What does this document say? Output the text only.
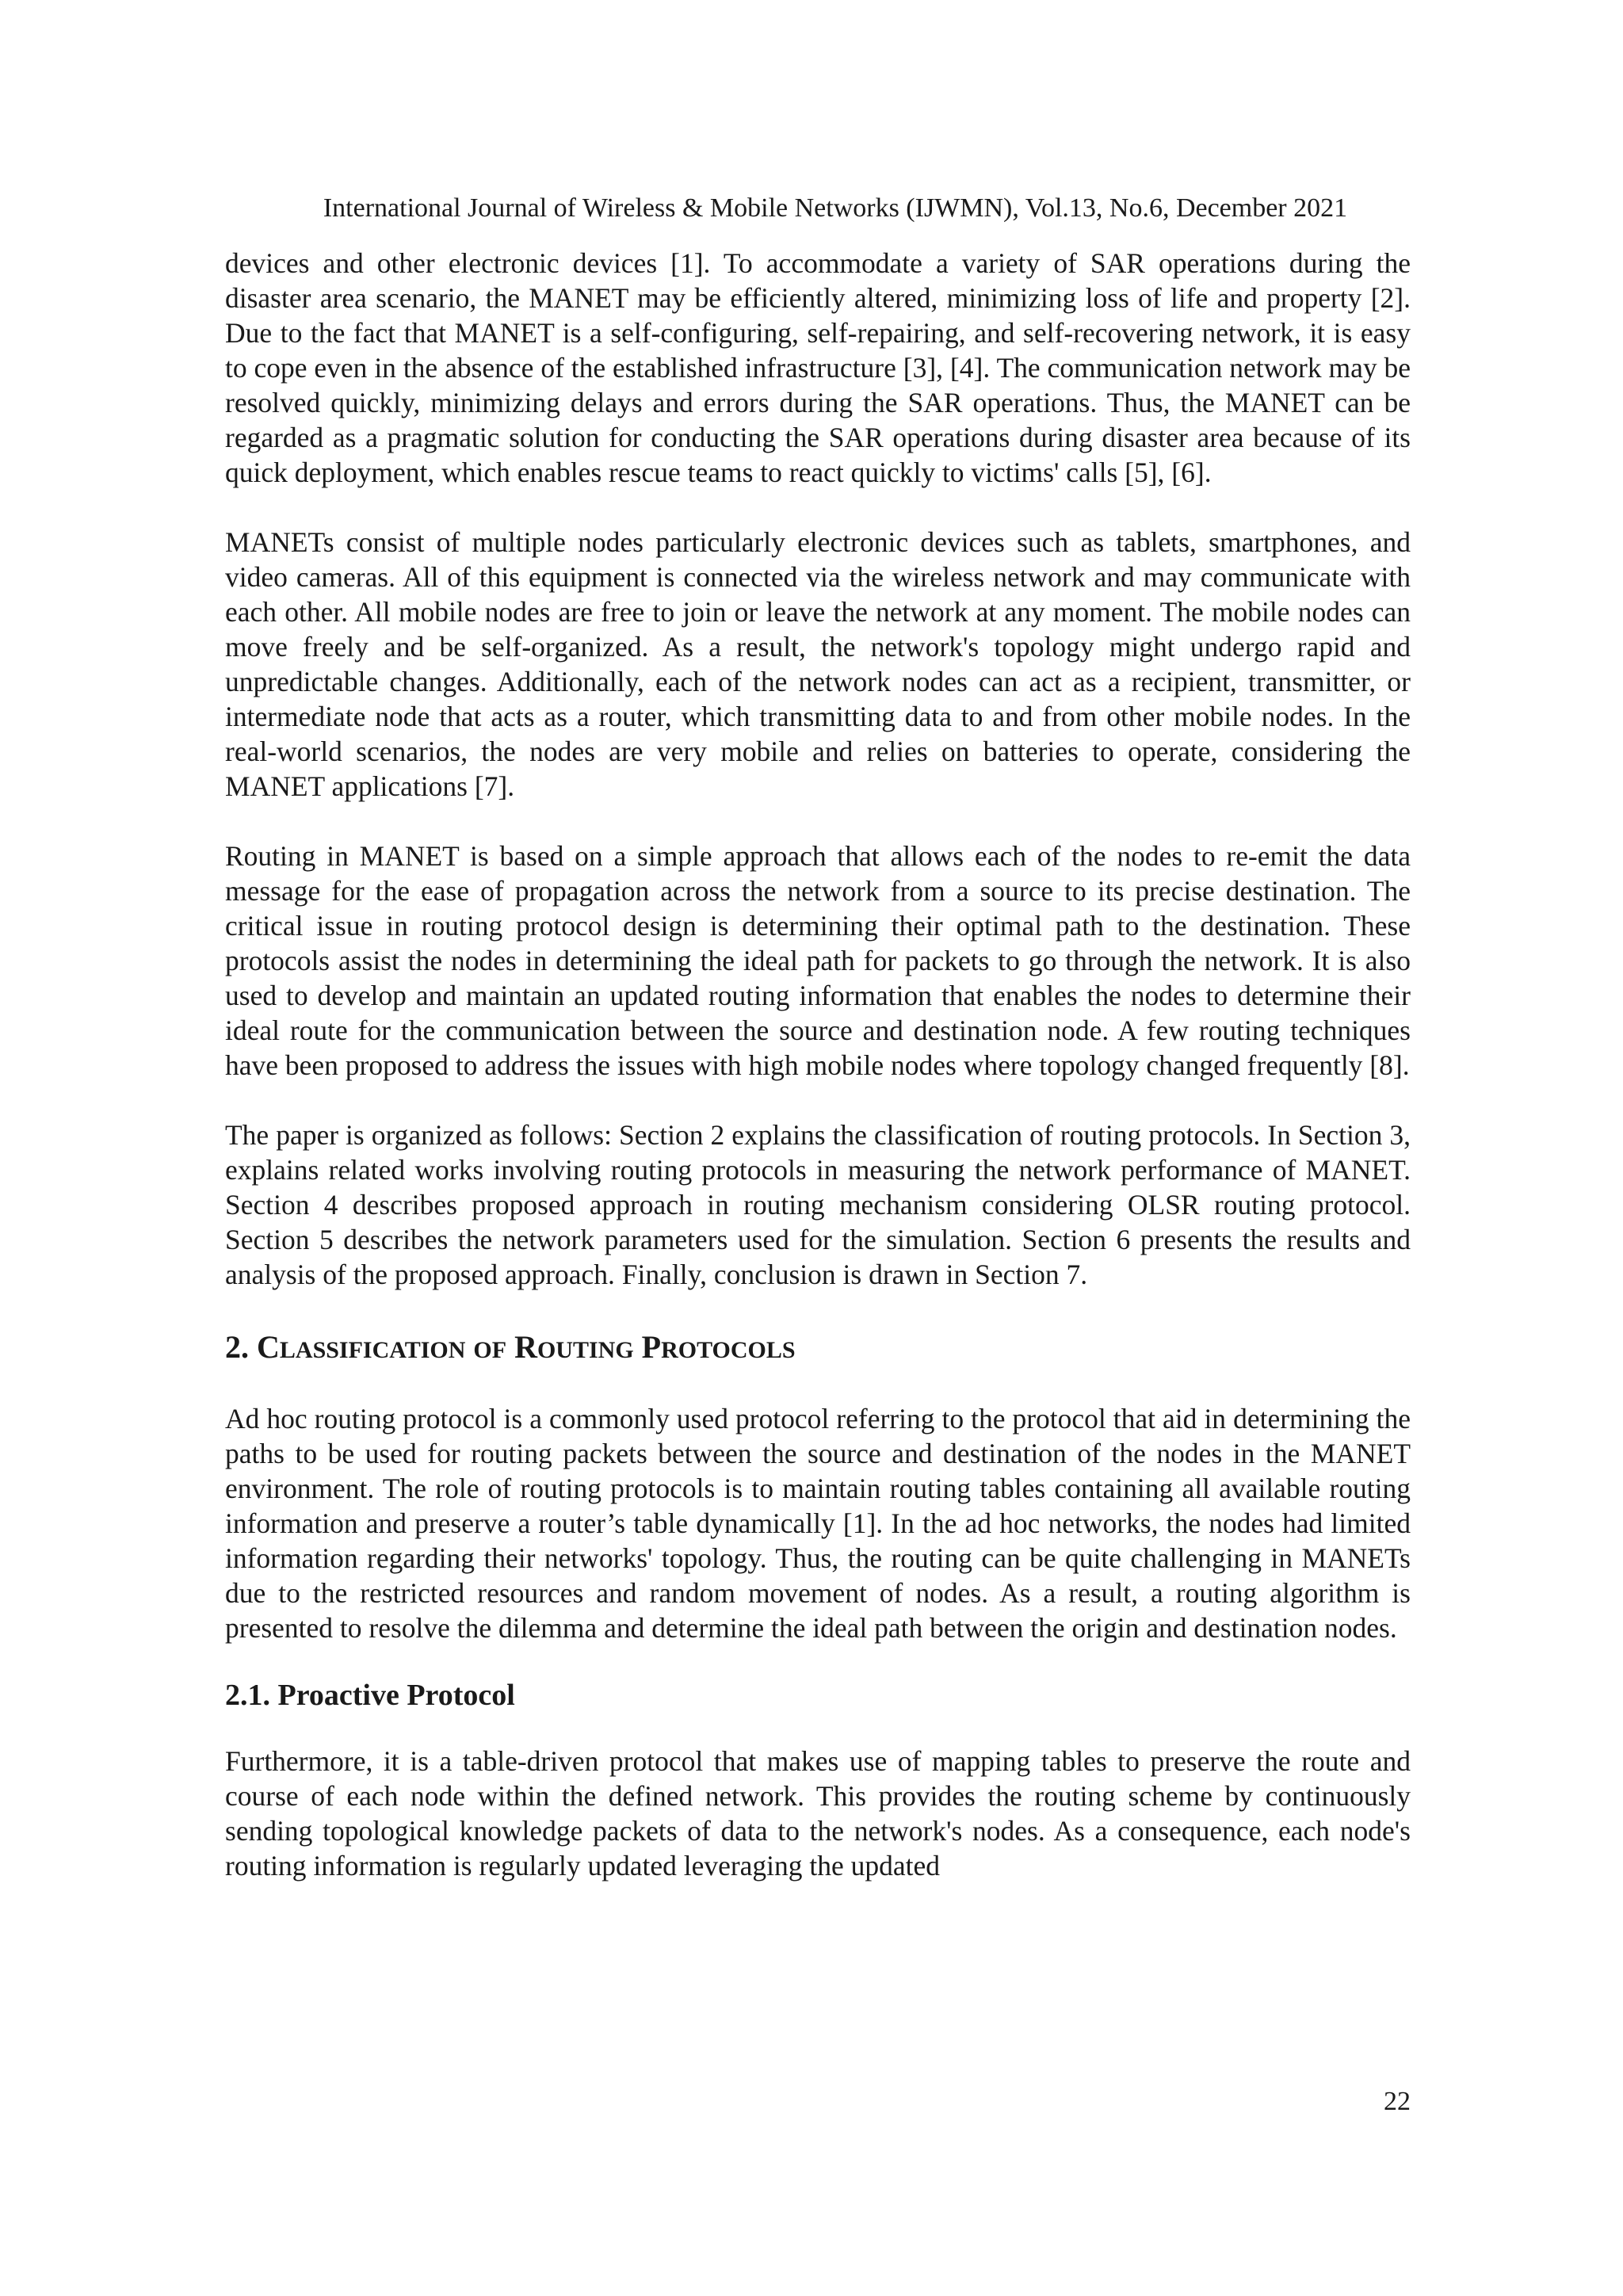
International Journal of Wireless & Mobile Networks (IJWMN), Vol.13, No.6, December 2021

devices and other electronic devices [1]. To accommodate a variety of SAR operations during the disaster area scenario, the MANET may be efficiently altered, minimizing loss of life and property [2]. Due to the fact that MANET is a self-configuring, self-repairing, and self-recovering network, it is easy to cope even in the absence of the established infrastructure [3], [4]. The communication network may be resolved quickly, minimizing delays and errors during the SAR operations. Thus, the MANET can be regarded as a pragmatic solution for conducting the SAR operations during disaster area because of its quick deployment, which enables rescue teams to react quickly to victims' calls [5], [6].

MANETs consist of multiple nodes particularly electronic devices such as tablets, smartphones, and video cameras. All of this equipment is connected via the wireless network and may communicate with each other. All mobile nodes are free to join or leave the network at any moment. The mobile nodes can move freely and be self-organized. As a result, the network's topology might undergo rapid and unpredictable changes. Additionally, each of the network nodes can act as a recipient, transmitter, or intermediate node that acts as a router, which transmitting data to and from other mobile nodes. In the real-world scenarios, the nodes are very mobile and relies on batteries to operate, considering the MANET applications [7].

Routing in MANET is based on a simple approach that allows each of the nodes to re-emit the data message for the ease of propagation across the network from a source to its precise destination. The critical issue in routing protocol design is determining their optimal path to the destination. These protocols assist the nodes in determining the ideal path for packets to go through the network. It is also used to develop and maintain an updated routing information that enables the nodes to determine their ideal route for the communication between the source and destination node. A few routing techniques have been proposed to address the issues with high mobile nodes where topology changed frequently [8].

The paper is organized as follows: Section 2 explains the classification of routing protocols. In Section 3, explains related works involving routing protocols in measuring the network performance of MANET. Section 4 describes proposed approach in routing mechanism considering OLSR routing protocol. Section 5 describes the network parameters used for the simulation. Section 6 presents the results and analysis of the proposed approach. Finally, conclusion is drawn in Section 7.

2. CLASSIFICATION OF ROUTING PROTOCOLS

Ad hoc routing protocol is a commonly used protocol referring to the protocol that aid in determining the paths to be used for routing packets between the source and destination of the nodes in the MANET environment. The role of routing protocols is to maintain routing tables containing all available routing information and preserve a router’s table dynamically [1]. In the ad hoc networks, the nodes had limited information regarding their networks' topology. Thus, the routing can be quite challenging in MANETs due to the restricted resources and random movement of nodes. As a result, a routing algorithm is presented to resolve the dilemma and determine the ideal path between the origin and destination nodes.

2.1. Proactive Protocol

Furthermore, it is a table-driven protocol that makes use of mapping tables to preserve the route and course of each node within the defined network. This provides the routing scheme by continuously sending topological knowledge packets of data to the network's nodes. As a consequence, each node's routing information is regularly updated leveraging the updated

22
